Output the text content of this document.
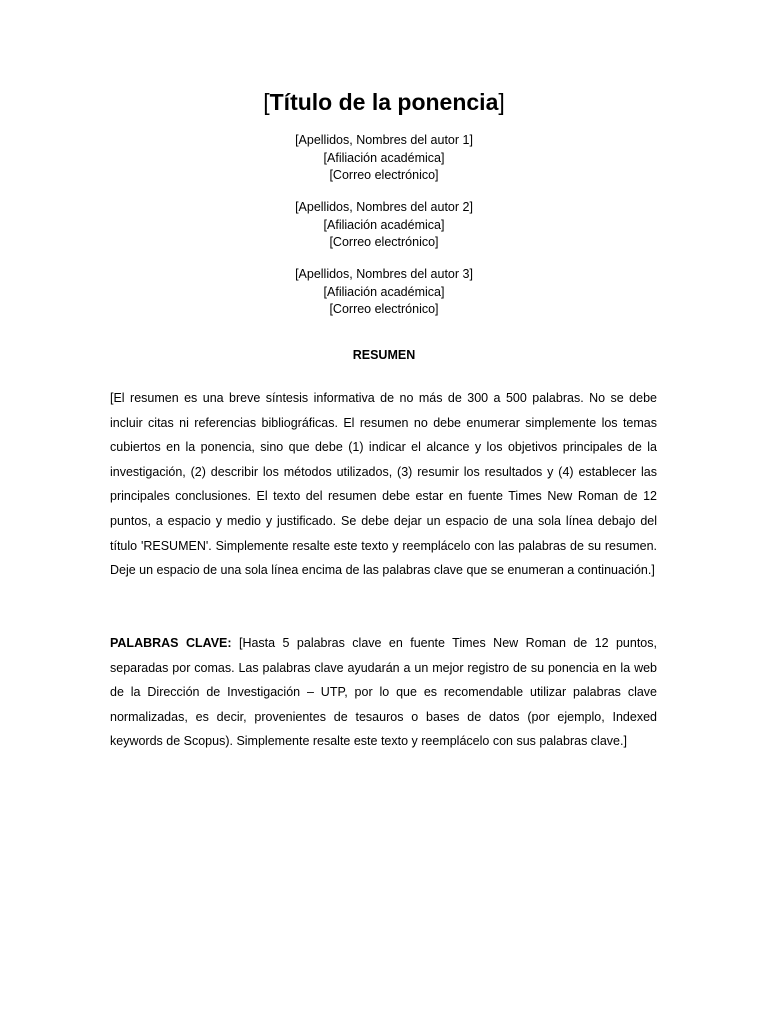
[Título de la ponencia]
[Apellidos, Nombres del autor 1]
[Afiliación académica]
[Correo electrónico]
[Apellidos, Nombres del autor 2]
[Afiliación académica]
[Correo electrónico]
[Apellidos, Nombres del autor 3]
[Afiliación académica]
[Correo electrónico]
RESUMEN

[El resumen es una breve síntesis informativa de no más de 300 a 500 palabras. No se debe incluir citas ni referencias bibliográficas. El resumen no debe enumerar simplemente los temas cubiertos en la ponencia, sino que debe (1) indicar el alcance y los objetivos principales de la investigación, (2) describir los métodos utilizados, (3) resumir los resultados y (4) establecer las principales conclusiones. El texto del resumen debe estar en fuente Times New Roman de 12 puntos, a espacio y medio y justificado. Se debe dejar un espacio de una sola línea debajo del título 'RESUMEN'. Simplemente resalte este texto y reemplácelo con las palabras de su resumen. Deje un espacio de una sola línea encima de las palabras clave que se enumeran a continuación.]

PALABRAS CLAVE: [Hasta 5 palabras clave en fuente Times New Roman de 12 puntos, separadas por comas. Las palabras clave ayudarán a un mejor registro de su ponencia en la web de la Dirección de Investigación – UTP, por lo que es recomendable utilizar palabras clave normalizadas, es decir, provenientes de tesauros o bases de datos (por ejemplo, Indexed keywords de Scopus). Simplemente resalte este texto y reemplácelo con sus palabras clave.]
